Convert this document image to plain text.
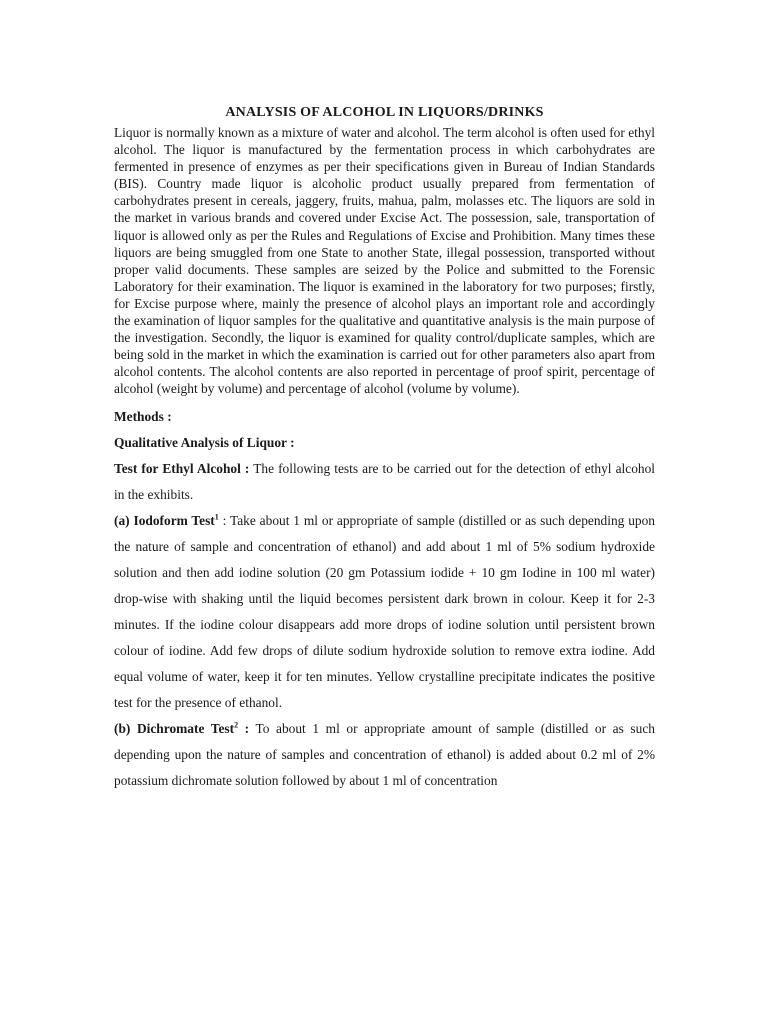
ANALYSIS OF ALCOHOL IN LIQUORS/DRINKS

Liquor is normally known as a mixture of water and alcohol. The term alcohol is often used for ethyl alcohol. The liquor is manufactured by the fermentation process in which carbohydrates are fermented in presence of enzymes as per their specifications given in Bureau of Indian Standards (BIS). Country made liquor is alcoholic product usually prepared from fermentation of carbohydrates present in cereals, jaggery, fruits, mahua, palm, molasses etc. The liquors are sold in the market in various brands and covered under Excise Act. The possession, sale, transportation of liquor is allowed only as per the Rules and Regulations of Excise and Prohibition. Many times these liquors are being smuggled from one State to another State, illegal possession, transported without proper valid documents. These samples are seized by the Police and submitted to the Forensic Laboratory for their examination. The liquor is examined in the laboratory for two purposes; firstly, for Excise purpose where, mainly the presence of alcohol plays an important role and accordingly the examination of liquor samples for the qualitative and quantitative analysis is the main purpose of the investigation. Secondly, the liquor is examined for quality control/duplicate samples, which are being sold in the market in which the examination is carried out for other parameters also apart from alcohol contents. The alcohol contents are also reported in percentage of proof spirit, percentage of alcohol (weight by volume) and percentage of alcohol (volume by volume).

Methods :

Qualitative Analysis of Liquor :

Test for Ethyl Alcohol : The following tests are to be carried out for the detection of ethyl alcohol in the exhibits.

(a) Iodoform Test$^1$ : Take about 1 ml or appropriate of sample (distilled or as such depending upon the nature of sample and concentration of ethanol) and add about 1 ml of 5% sodium hydroxide solution and then add iodine solution (20 gm Potassium iodide + 10 gm Iodine in 100 ml water) drop-wise with shaking until the liquid becomes persistent dark brown in colour. Keep it for 2-3 minutes. If the iodine colour disappears add more drops of iodine solution until persistent brown colour of iodine. Add few drops of dilute sodium hydroxide solution to remove extra iodine. Add equal volume of water, keep it for ten minutes. Yellow crystalline precipitate indicates the positive test for the presence of ethanol.

(b) Dichromate Test$^2$ : To about 1 ml or appropriate amount of sample (distilled or as such depending upon the nature of samples and concentration of ethanol) is added about 0.2 ml of 2% potassium dichromate solution followed by about 1 ml of concentration
